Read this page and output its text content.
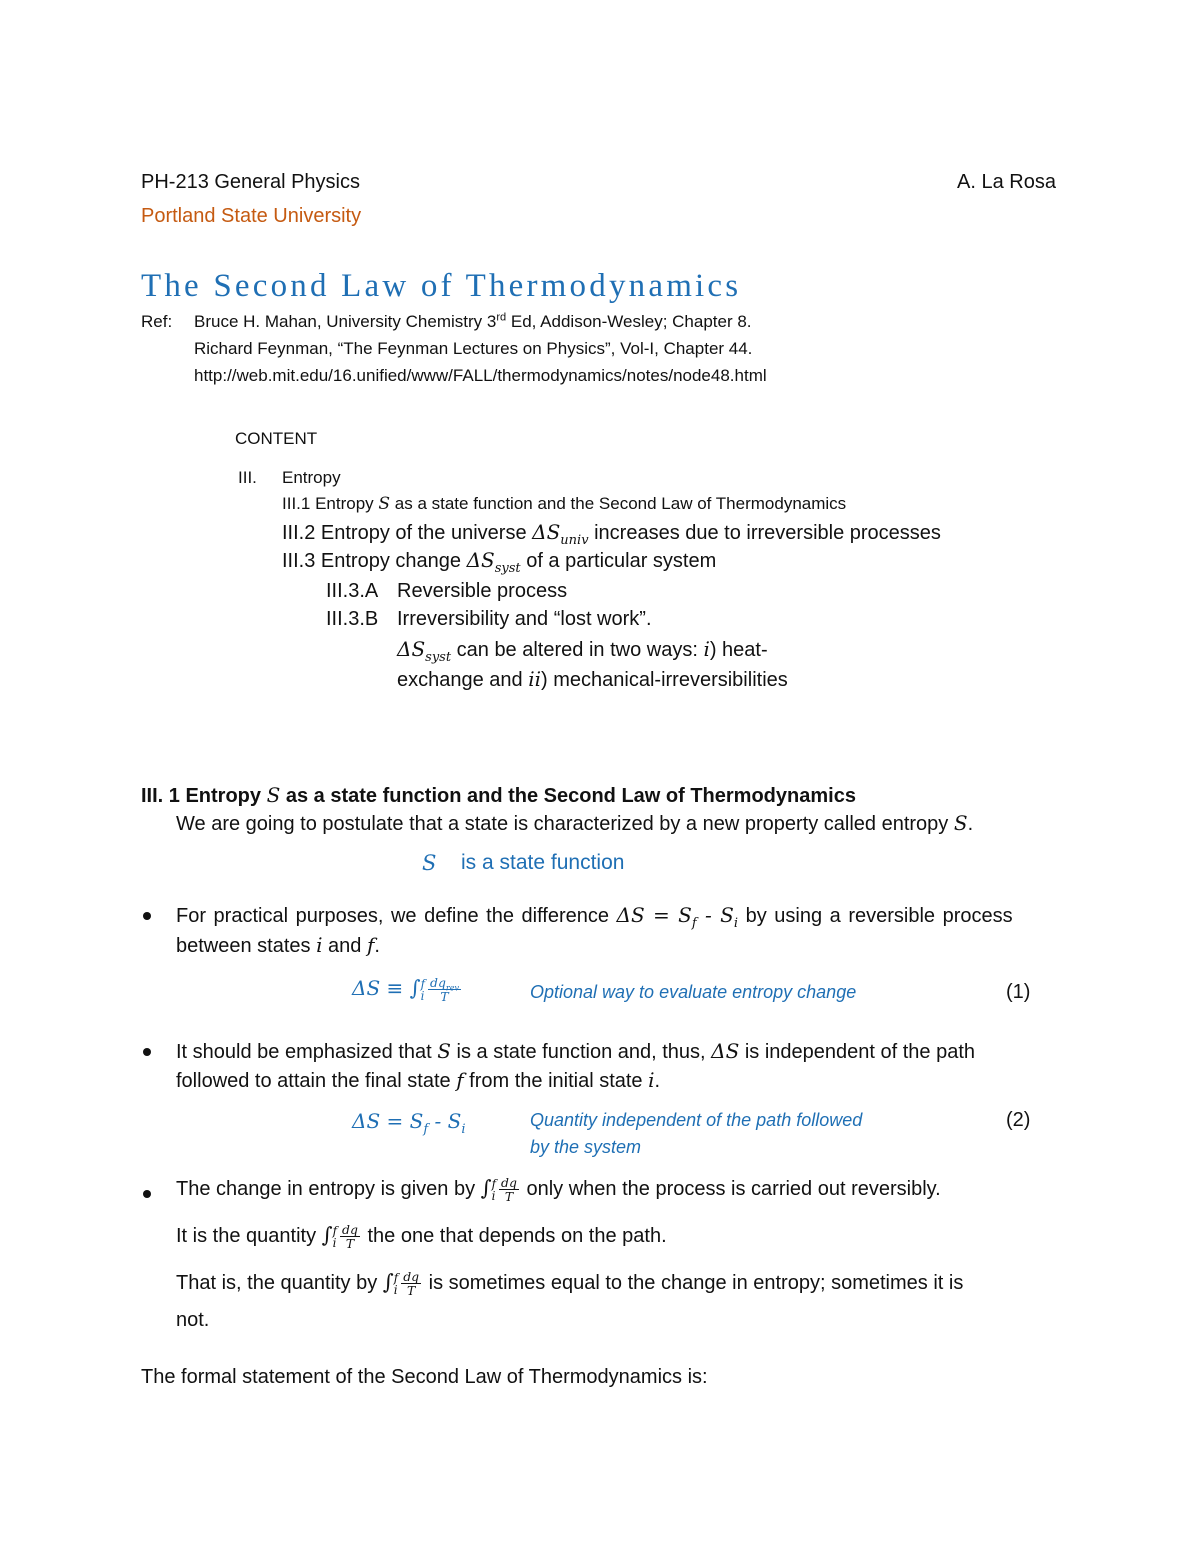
PH-213 General Physics	A. La Rosa
Portland State University
The Second Law of Thermodynamics
Ref: Bruce H. Mahan, University Chemistry 3rd Ed, Addison-Wesley; Chapter 8.
Richard Feynman, “The Feynman Lectures on Physics”, Vol-I, Chapter 44.
http://web.mit.edu/16.unified/www/FALL/thermodynamics/notes/node48.html
CONTENT
III. Entropy
III.1 Entropy S as a state function and the Second Law of Thermodynamics
III.2 Entropy of the universe $\Delta S_{univ}$ increases due to irreversible processes
III.3 Entropy change $\Delta S_{syst}$ of a particular system
III.3.A Reversible process
III.3.B Irreversibility and “lost work”.
$\Delta S_{syst}$ can be altered in two ways: i) heat-
exchange and ii) mechanical-irreversibilities
III. 1 Entropy S as a state function and the Second Law of Thermodynamics
We are going to postulate that a state is characterized by a new property called entropy S.
S is a state function
For practical purposes, we define the difference $\Delta S = S_f - S_i$ by using a reversible process
between states i and f.
ΔS ≡ ∫ f
i $\frac{dq_{rev}}{T}$	Optional way to evaluate entropy change	(1)
It should be emphasized that S is a state function and, thus, ΔS is independent of the path
followed to attain the final state f from the initial state i.
$\Delta S = S_f - S_i$	Quantity independent of the path followed
by the system
(2)
The change in entropy is given by ∫ f
i $\frac{dq}{T}$ only when the process is carried out reversibly.
It is the quantity ∫ f
i $\frac{dq}{T}$ the one that depends on the path.
That is, the quantity by ∫ f
i $\frac{dq}{T}$ is sometimes equal to the change in entropy; sometimes it is
not.
The formal statement of the Second Law of Thermodynamics is:
